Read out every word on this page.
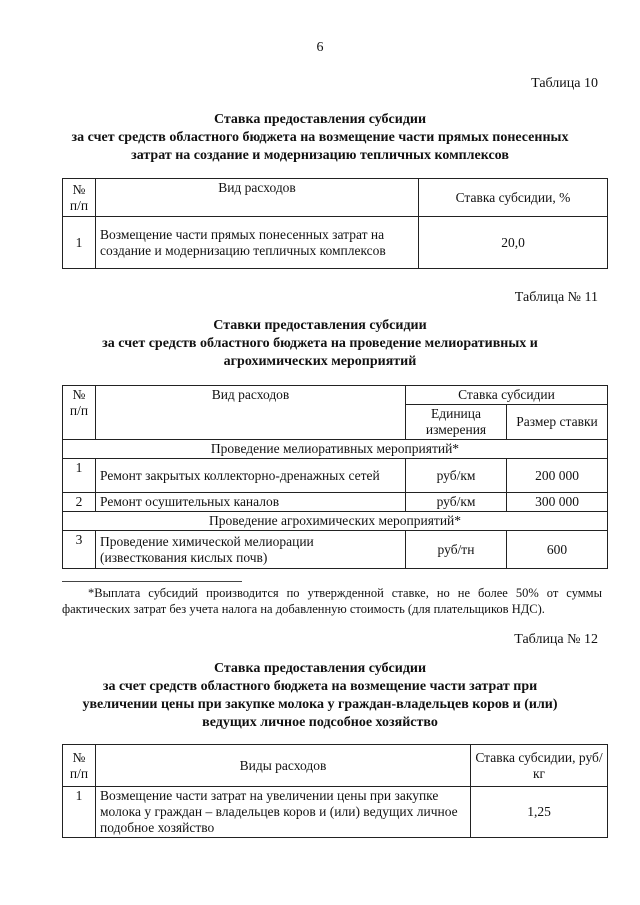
6
Таблица 10
Ставка предоставления субсидии
за счет средств областного бюджета на возмещение части прямых понесенных
затрат на создание и модернизацию тепличных комплексов
№ п/п	Вид расходов	Ставка субсидии, %
1	Возмещение части прямых понесенных затрат на создание и модернизацию тепличных комплексов	20,0
Таблица № 11
Ставки предоставления субсидии
за счет средств областного бюджета на проведение мелиоративных и
агрохимических мероприятий
№ п/п	Вид расходов	Ставка субсидии	
		Единица измерения	Размер ставки
Проведение мелиоративных мероприятий*			
1	Ремонт закрытых коллекторно-дренажных сетей	руб/км	200 000
2	Ремонт осушительных каналов	руб/км	300 000
Проведение агрохимических мероприятий*			
3	Проведение химической мелиорации (известкования кислых почв)	руб/тн	600
*Выплата субсидий производится по утвержденной ставке, но не более 50% от суммы фактических затрат без учета налога на добавленную стоимость (для плательщиков НДС).
Таблица № 12
Ставка предоставления субсидии
за счет средств областного бюджета на возмещение части затрат при
увеличении цены при закупке молока у граждан-владельцев коров и (или)
ведущих личное подсобное хозяйство
№ п/п	Виды расходов	Ставка субсидии, руб/кг
1	Возмещение части затрат на увеличении цены при закупке молока у граждан – владельцев коров и (или) ведущих личное подобное хозяйство	1,25
